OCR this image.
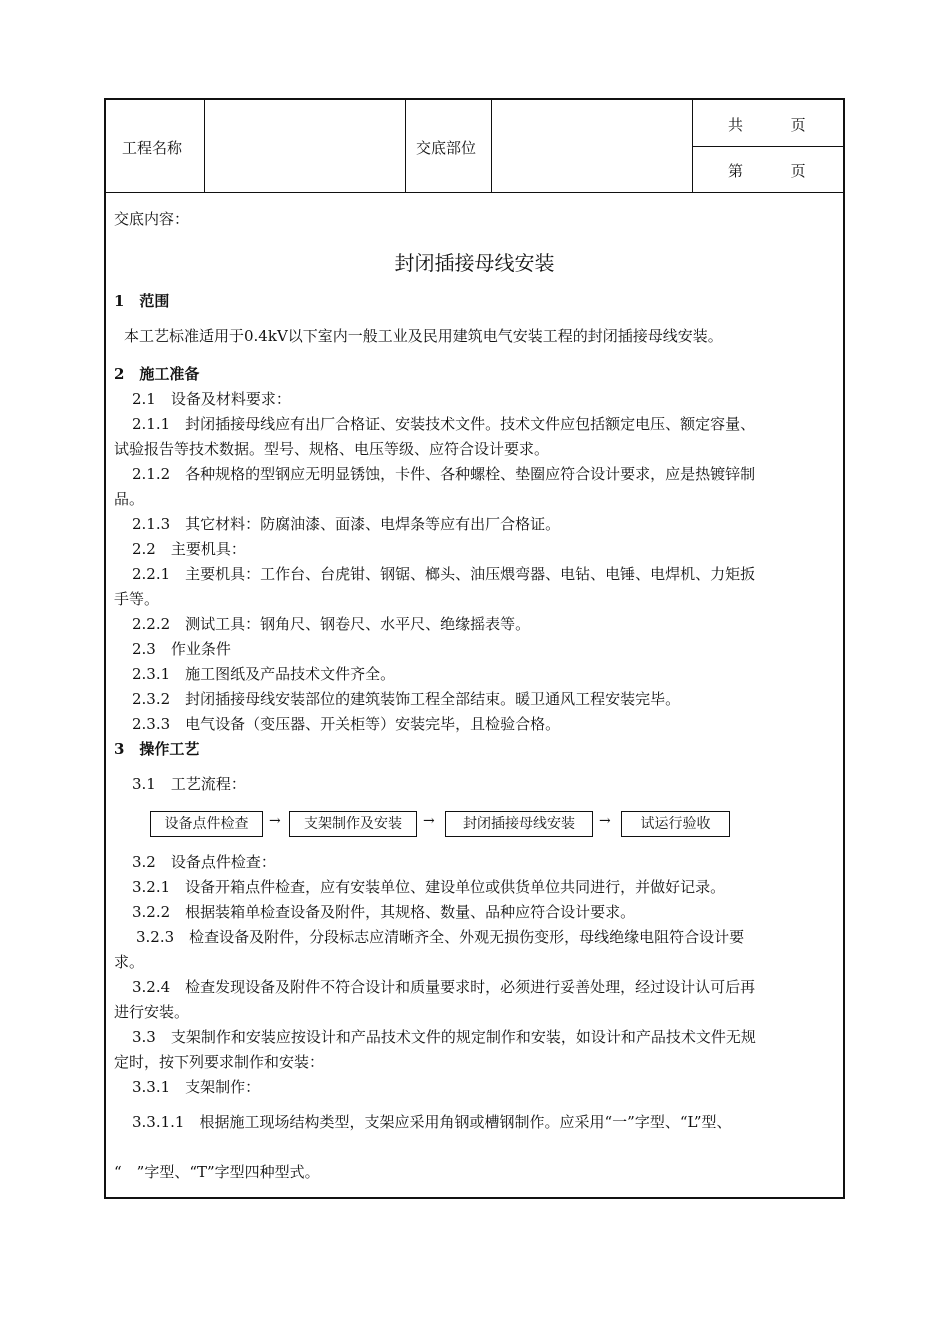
工程名称	交底部位
共          页
第          页
交底内容：
封闭插接母线安装
1　范围
本工艺标准适用于0.4kV以下室内一般工业及民用建筑电气安装工程的封闭插接母线安装。
2　施工准备
2.1　设备及材料要求：
2.1.1　封闭插接母线应有出厂合格证、安装技术文件。技术文件应包括额定电压、额定容量、
试验报告等技术数据。型号、规格、电压等级、应符合设计要求。
2.1.2　各种规格的型钢应无明显锈蚀，卡件、各种螺栓、垫圈应符合设计要求，应是热镀锌制
品。
2.1.3　其它材料：防腐油漆、面漆、电焊条等应有出厂合格证。
2.2　主要机具：
2.2.1　主要机具：工作台、台虎钳、钢锯、榔头、油压煨弯器、电钻、电锤、电焊机、力矩扳
手等。
2.2.2　测试工具：钢角尺、钢卷尺、水平尺、绝缘摇表等。
2.3　作业条件
2.3.1　施工图纸及产品技术文件齐全。
2.3.2　封闭插接母线安装部位的建筑装饰工程全部结束。暖卫通风工程安装完毕。
2.3.3　电气设备（变压器、开关柜等）安装完毕，且检验合格。
3　操作工艺
3.1　工艺流程：
设备点件检查	→	支架制作及安装	→	封闭插接母线安装	→	试运行验收
3.2　设备点件检查：
3.2.1　设备开箱点件检查，应有安装单位、建设单位或供货单位共同进行，并做好记录。
3.2.2　根据装箱单检查设备及附件，其规格、数量、品种应符合设计要求。
3.2.3　检查设备及附件，分段标志应清晰齐全、外观无损伤变形，母线绝缘电阻符合设计要
求。
3.2.4　检查发现设备及附件不符合设计和质量要求时，必须进行妥善处理，经过设计认可后再
进行安装。
3.3　支架制作和安装应按设计和产品技术文件的规定制作和安装，如设计和产品技术文件无规
定时，按下列要求制作和安装：
3.3.1　支架制作：
3.3.1.1　根据施工现场结构类型，支架应采用角钢或槽钢制作。应采用“一”字型、“L”型、
“　”字型、“T”字型四种型式。
